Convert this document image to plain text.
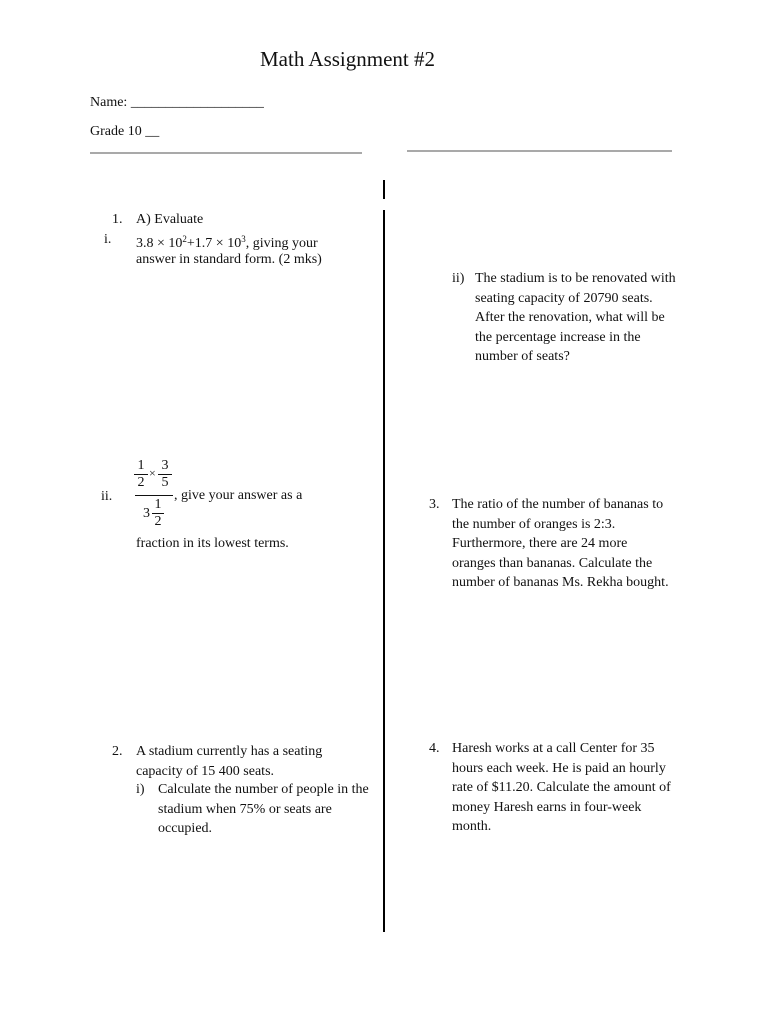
Math Assignment #2
Name: ___________________
Grade 10 __
1. A) Evaluate
i. $3.8 \times 10^2+1.7 \times 10^3$, giving your
answer in standard form. (2 mks)
ii.
$\frac{1}{2} \times \frac{3}{5}$
$3 \frac{1}{2}$
, give your answer as a
fraction in its lowest terms.
2. A stadium currently has a seating capacity of 15 400 seats.
i) Calculate the number of people in the stadium when 75% or seats are occupied.
ii) The stadium is to be renovated with seating capacity of 20790 seats. After the renovation, what will be the percentage increase in the number of seats?
3. The ratio of the number of bananas to the number of oranges is 2:3. Furthermore, there are 24 more oranges than bananas. Calculate the number of bananas Ms. Rekha bought.
4. Haresh works at a call Center for 35 hours each week. He is paid an hourly rate of $11.20. Calculate the amount of money Haresh earns in four-week month.
